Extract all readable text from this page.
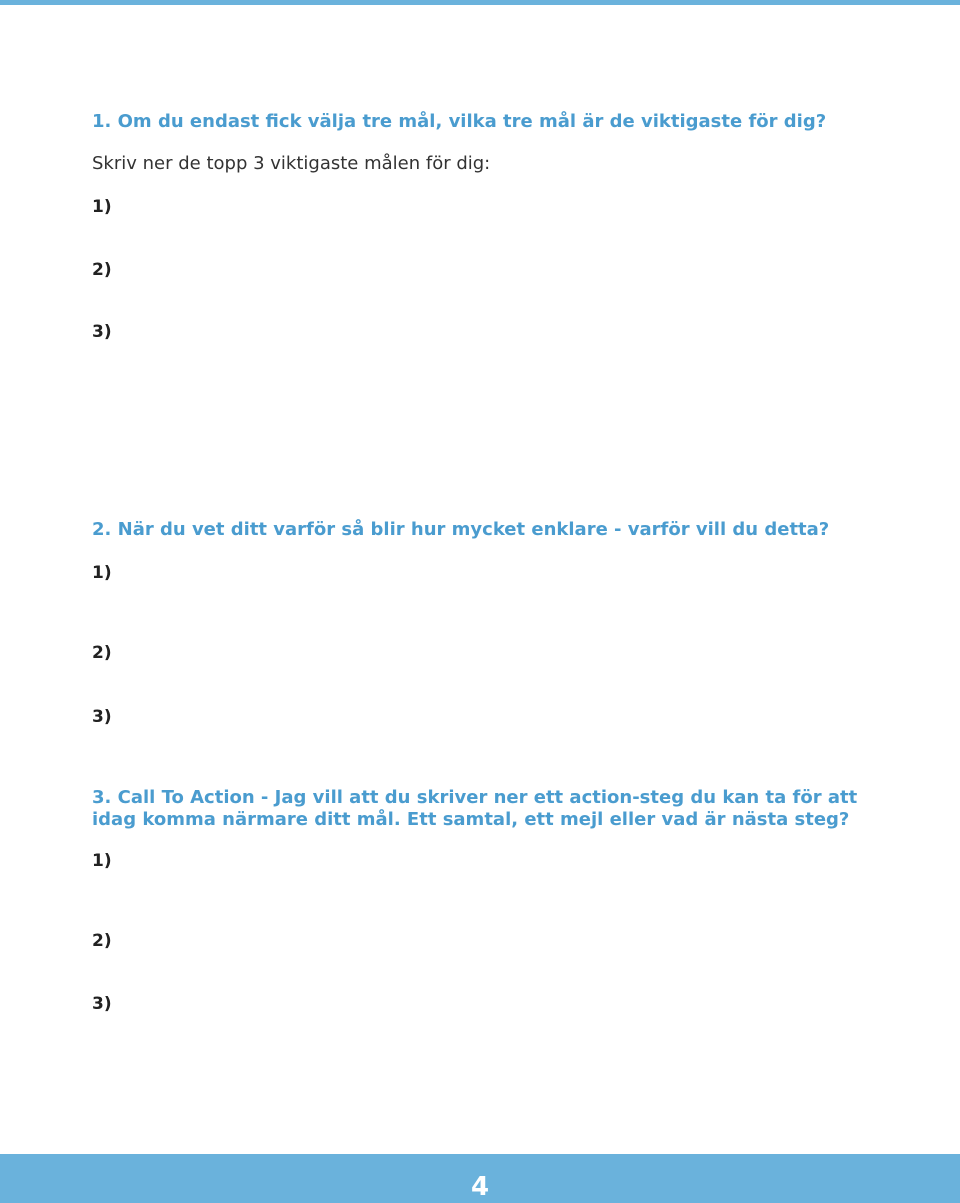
1. Om du endast fick välja tre mål, vilka tre mål är de viktigaste för dig?

Skriv ner de topp 3 viktigaste målen för dig:

1)

2)

3)

2. När du vet ditt varför så blir hur mycket enklare - varför vill du detta?

1)

2)

3)

3. Call To Action - Jag vill att du skriver ner ett action-steg du kan ta för att idag komma närmare ditt mål. Ett samtal, ett mejl eller vad är nästa steg?

1)

2)

3)

4
